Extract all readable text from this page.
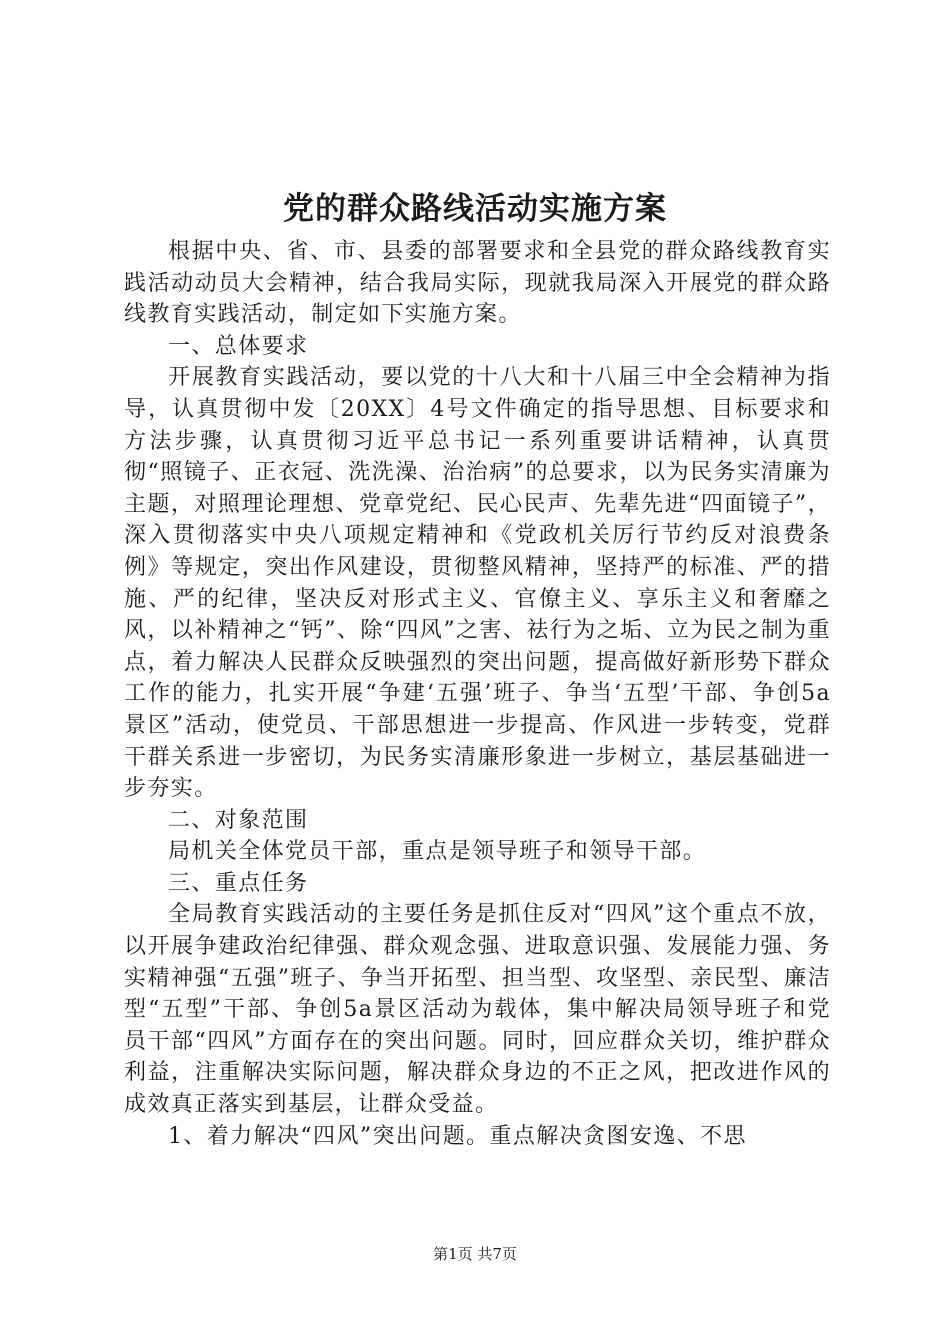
党的群众路线活动实施方案

根据中央、省、市、县委的部署要求和全县党的群众路线教育实践活动动员大会精神，结合我局实际，现就我局深入开展党的群众路线教育实践活动，制定如下实施方案。

一、总体要求

开展教育实践活动，要以党的十八大和十八届三中全会精神为指导，认真贯彻中发〔20XX〕4号文件确定的指导思想、目标要求和方法步骤，认真贯彻习近平总书记一系列重要讲话精神，认真贯彻“照镜子、正衣冠、洗洗澡、治治病”的总要求，以为民务实清廉为主题，对照理论理想、党章党纪、民心民声、先辈先进“四面镜子”，深入贯彻落实中央八项规定精神和《党政机关厉行节约反对浪费条例》等规定，突出作风建设，贯彻整风精神，坚持严的标准、严的措施、严的纪律，坚决反对形式主义、官僚主义、享乐主义和奢靡之风，以补精神之“钙”、除“四风”之害、祛行为之垢、立为民之制为重点，着力解决人民群众反映强烈的突出问题，提高做好新形势下群众工作的能力，扎实开展“争建‘五强’班子、争当‘五型’干部、争创5a景区”活动，使党员、干部思想进一步提高、作风进一步转变，党群干群关系进一步密切，为民务实清廉形象进一步树立，基层基础进一步夯实。

二、对象范围

局机关全体党员干部，重点是领导班子和领导干部。

三、重点任务

全局教育实践活动的主要任务是抓住反对“四风”这个重点不放，以开展争建政治纪律强、群众观念强、进取意识强、发展能力强、务实精神强“五强”班子、争当开拓型、担当型、攻坚型、亲民型、廉洁型“五型”干部、争创5a景区活动为载体，集中解决局领导班子和党员干部“四风”方面存在的突出问题。同时，回应群众关切，维护群众利益，注重解决实际问题，解决群众身边的不正之风，把改进作风的成效真正落实到基层，让群众受益。

1、着力解决“四风”突出问题。重点解决贪图安逸、不思

第1页 共7页
